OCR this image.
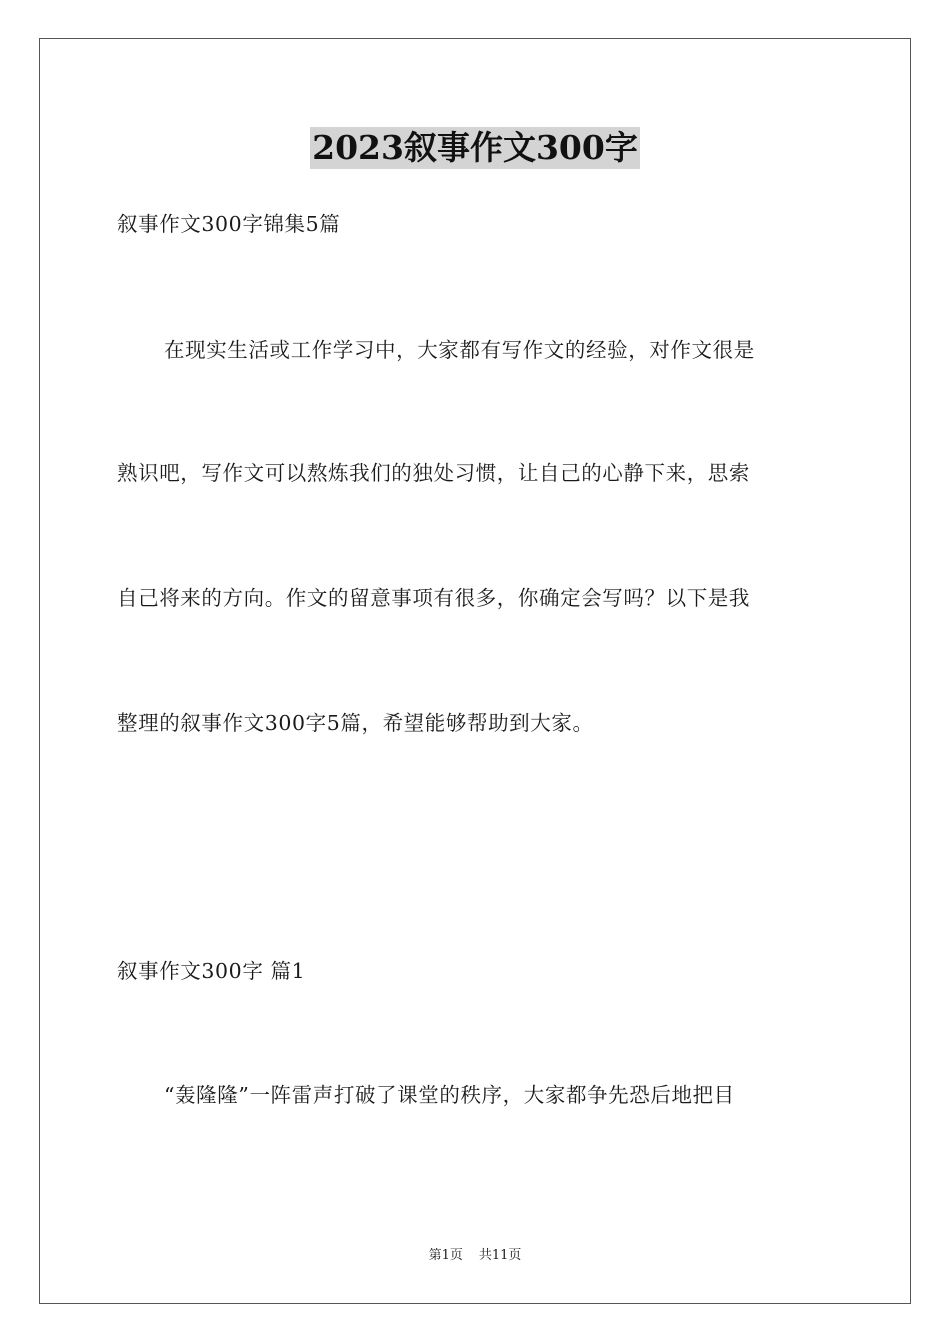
2023叙事作文300字
叙事作文300字锦集5篇
在现实生活或工作学习中，大家都有写作文的经验，对作文很是
熟识吧，写作文可以熬炼我们的独处习惯，让自己的心静下来，思索
自己将来的方向。作文的留意事项有很多，你确定会写吗？以下是我
整理的叙事作文300字5篇，希望能够帮助到大家。
叙事作文300字 篇1
“轰隆隆”一阵雷声打破了课堂的秩序，大家都争先恐后地把目
第1页 共11页
